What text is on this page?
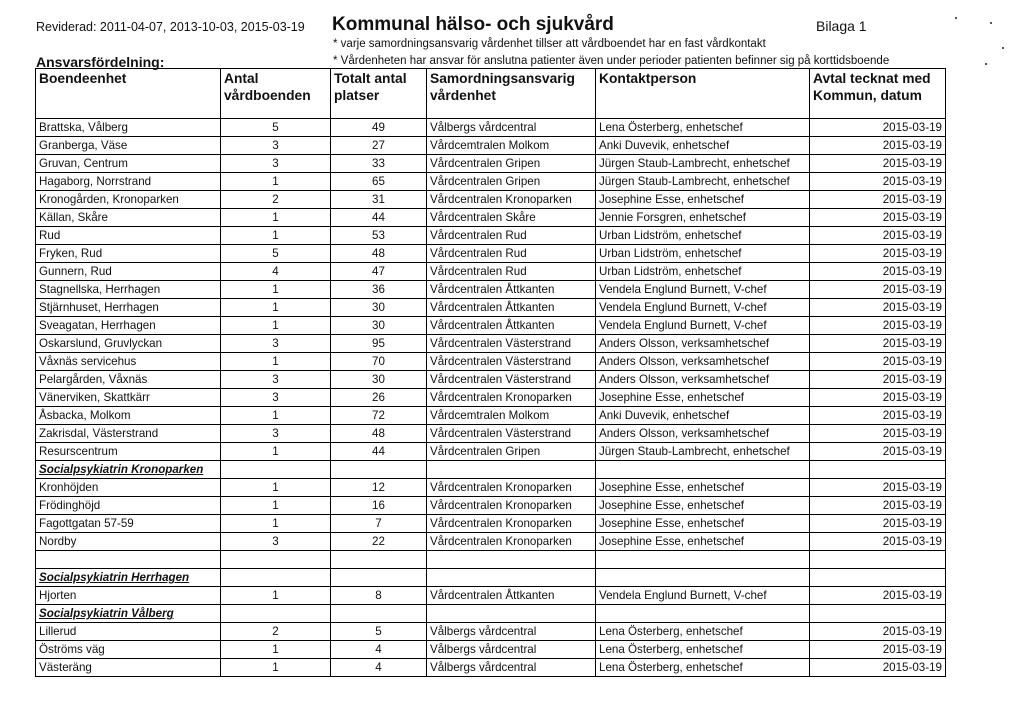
Reviderad: 2011-04-07, 2013-10-03, 2015-03-19 Kommunal hälso- och sjukvård	Bilaga 1
* varje samordningsansvarig vårdenhet tillser att vårdboendet har en fast vårdkontakt
* Vårdenheten har ansvar för anslutna patienter även under perioder patienten befinner sig på korttidsboende
Ansvarsfördelning:
Boendeenhet	Antal vårdboenden	Totalt antal platser	Samordningsansvarig vårdenhet	Kontaktperson	Avtal tecknat med Kommun, datum
Brattska, Vålberg	5	49	Vålbergs vårdcentral	Lena Österberg, enhetschef	2015-03-19
Granberga, Väse	3	27	Vårdcemtralen Molkom	Anki Duvevik, enhetschef	2015-03-19
Gruvan, Centrum	3	33	Vårdcentralen Gripen	Jürgen Staub-Lambrecht, enhetschef	2015-03-19
Hagaborg, Norrstrand	1	65	Vårdcentralen Gripen	Jürgen Staub-Lambrecht, enhetschef	2015-03-19
Kronogården, Kronoparken	2	31	Vårdcentralen Kronoparken	Josephine Esse, enhetschef	2015-03-19
Källan, Skåre	1	44	Vårdcentralen Skåre	Jennie Forsgren, enhetschef	2015-03-19
Rud	1	53	Vårdcentralen Rud	Urban Lidström, enhetschef	2015-03-19
Fryken, Rud	5	48	Vårdcentralen Rud	Urban Lidström, enhetschef	2015-03-19
Gunnern, Rud	4	47	Vårdcentralen Rud	Urban Lidström, enhetschef	2015-03-19
Stagnellska, Herrhagen	1	36	Vårdcentralen Åttkanten	Vendela Englund Burnett, V-chef	2015-03-19
Stjärnhuset, Herrhagen	1	30	Vårdcentralen Åttkanten	Vendela Englund Burnett, V-chef	2015-03-19
Sveagatan, Herrhagen	1	30	Vårdcentralen Åttkanten	Vendela Englund Burnett, V-chef	2015-03-19
Oskarslund, Gruvlyckan	3	95	Vårdcentralen Västerstrand	Anders Olsson, verksamhetschef	2015-03-19
Våxnäs servicehus	1	70	Vårdcentralen Västerstrand	Anders Olsson, verksamhetschef	2015-03-19
Pelargården, Våxnäs	3	30	Vårdcentralen Västerstrand	Anders Olsson, verksamhetschef	2015-03-19
Vänerviken, Skattkärr	3	26	Vårdcentralen Kronoparken	Josephine Esse, enhetschef	2015-03-19
Åsbacka, Molkom	1	72	Vårdcemtralen Molkom	Anki Duvevik, enhetschef	2015-03-19
Zakrisdal, Västerstrand	3	48	Vårdcentralen Västerstrand	Anders Olsson, verksamhetschef	2015-03-19
Resurscentrum	1	44	Vårdcentralen Gripen	Jürgen Staub-Lambrecht, enhetschef	2015-03-19
Socialpsykiatrin Kronoparken					
Kronhöjden	1	12	Vårdcentralen Kronoparken	Josephine Esse, enhetschef	2015-03-19
Frödinghöjd	1	16	Vårdcentralen Kronoparken	Josephine Esse, enhetschef	2015-03-19
Fagottgatan 57-59	1	7	Vårdcentralen Kronoparken	Josephine Esse, enhetschef	2015-03-19
Nordby	3	22	Vårdcentralen Kronoparken	Josephine Esse, enhetschef	2015-03-19

Socialpsykiatrin Herrhagen					
Hjorten	1	8	Vårdcentralen Åttkanten	Vendela Englund Burnett, V-chef	2015-03-19
Socialpsykiatrin Vålberg					
Lillerud	2	5	Vålbergs vårdcentral	Lena Österberg, enhetschef	2015-03-19
Öströms väg	1	4	Vålbergs vårdcentral	Lena Österberg, enhetschef	2015-03-19
Västeräng	1	4	Vålbergs vårdcentral	Lena Österberg, enhetschef	2015-03-19
